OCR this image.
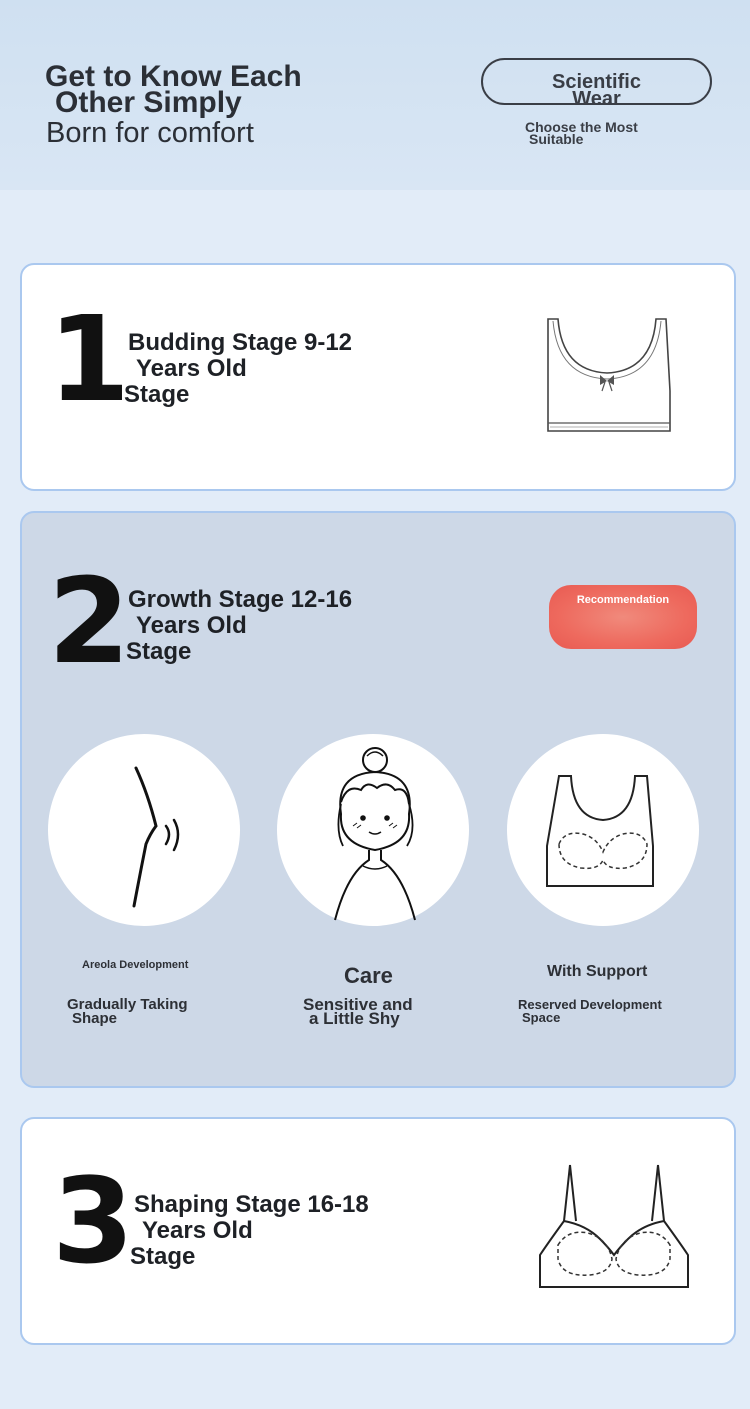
Get to Know Each
Other Simply
Born for comfort
Scientific
Wear
Choose the Most
Suitable
1
Budding Stage 9-12
Years Old
Stage
2
Growth Stage 12-16
Years Old
Stage
Recommendation
Areola Development	Care	With Support
Gradually Taking
Shape
Sensitive and
a Little Shy
Reserved Development
Space
3 Shaping Stage 16-18
Years Old
Stage
